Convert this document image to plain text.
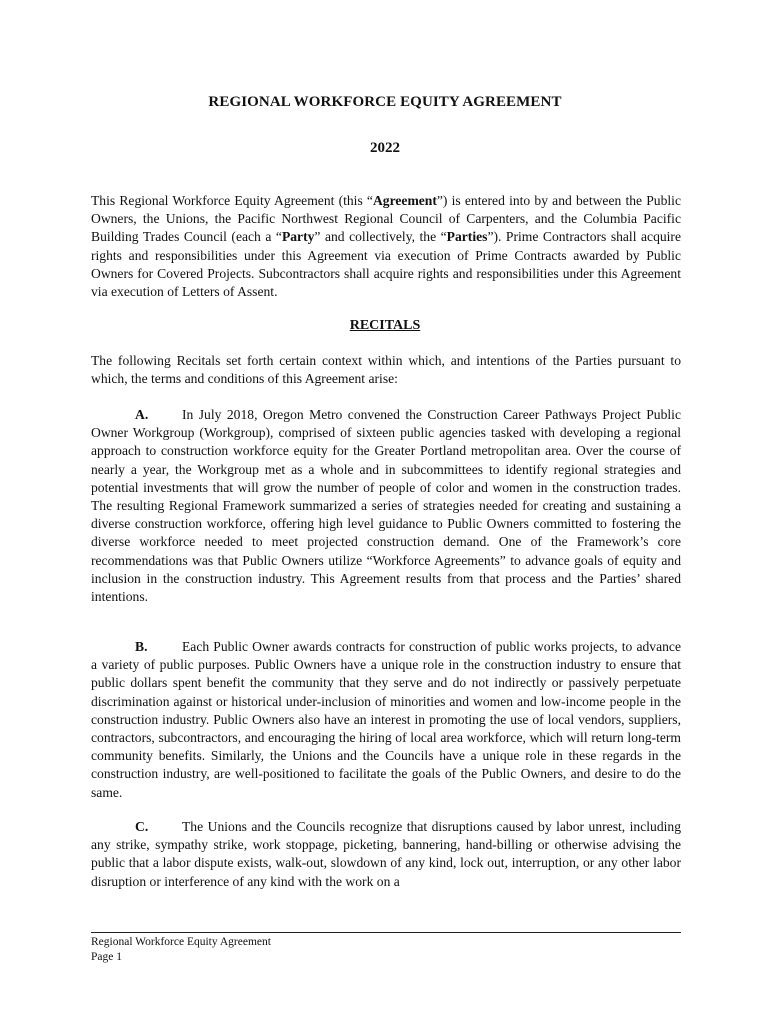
REGIONAL WORKFORCE EQUITY AGREEMENT
2022
This Regional Workforce Equity Agreement (this “Agreement”) is entered into by and between the Public Owners, the Unions, the Pacific Northwest Regional Council of Carpenters, and the Columbia Pacific Building Trades Council (each a “Party” and collectively, the “Parties”). Prime Contractors shall acquire rights and responsibilities under this Agreement via execution of Prime Contracts awarded by Public Owners for Covered Projects. Subcontractors shall acquire rights and responsibilities under this Agreement via execution of Letters of Assent.
RECITALS
The following Recitals set forth certain context within which, and intentions of the Parties pursuant to which, the terms and conditions of this Agreement arise:
A. In July 2018, Oregon Metro convened the Construction Career Pathways Project Public Owner Workgroup (Workgroup), comprised of sixteen public agencies tasked with developing a regional approach to construction workforce equity for the Greater Portland metropolitan area. Over the course of nearly a year, the Workgroup met as a whole and in subcommittees to identify regional strategies and potential investments that will grow the number of people of color and women in the construction trades. The resulting Regional Framework summarized a series of strategies needed for creating and sustaining a diverse construction workforce, offering high level guidance to Public Owners committed to fostering the diverse workforce needed to meet projected construction demand. One of the Framework’s core recommendations was that Public Owners utilize “Workforce Agreements” to advance goals of equity and inclusion in the construction industry. This Agreement results from that process and the Parties’ shared intentions.
B.	Each Public Owner awards contracts for construction of public works projects, to advance a variety of public purposes. Public Owners have a unique role in the construction industry to ensure that public dollars spent benefit the community that they serve and do not indirectly or passively perpetuate discrimination against or historical under-inclusion of minorities and women and low-income people in the construction industry. Public Owners also have an interest in promoting the use of local vendors, suppliers, contractors, subcontractors, and encouraging the hiring of local area workforce, which will return long-term community benefits. Similarly, the Unions and the Councils have a unique role in these regards in the construction industry, are well-positioned to facilitate the goals of the Public Owners, and desire to do the same.
C. The Unions and the Councils recognize that disruptions caused by labor unrest, including any strike, sympathy strike, work stoppage, picketing, bannering, hand-billing or otherwise advising the public that a labor dispute exists, walk-out, slowdown of any kind, lock out, interruption, or any other labor disruption or interference of any kind with the work on a
Regional Workforce Equity Agreement
Page 1
